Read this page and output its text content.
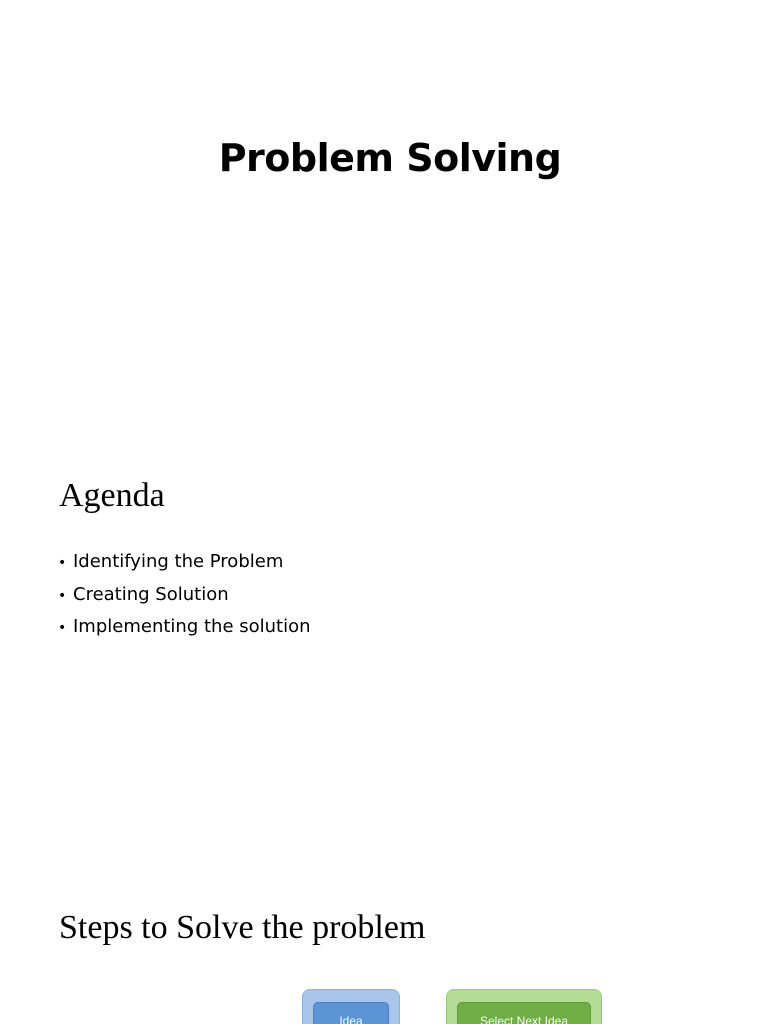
Problem Solving
Agenda
• Identifying the Problem
• Creating Solution
• Implementing the solution
Steps to Solve the problem
Idea	Select Next Idea
